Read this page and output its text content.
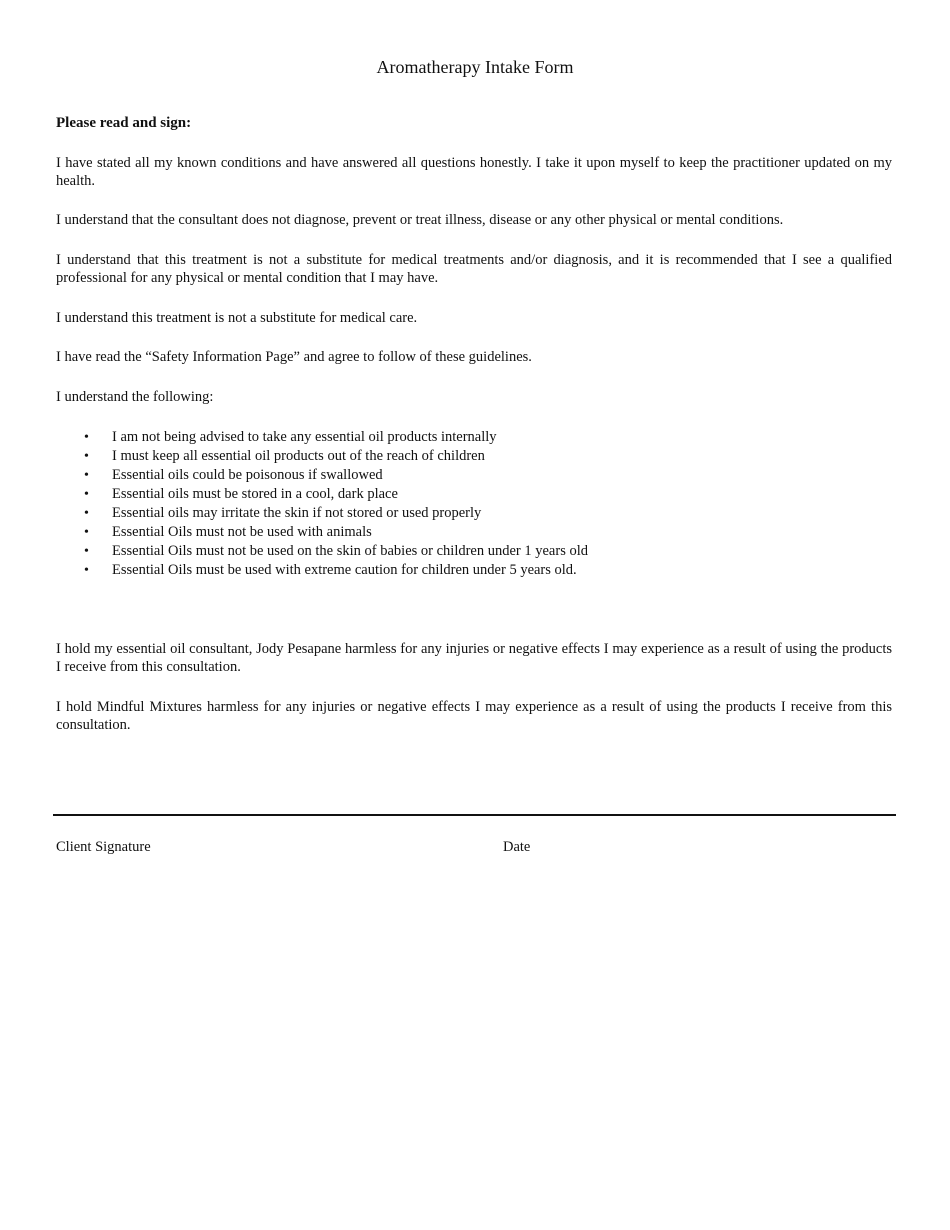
Aromatherapy Intake Form
Please read and sign:
I have stated all my known conditions and have answered all questions honestly. I take it upon myself to keep the practitioner updated on my health.
I understand that the consultant does not diagnose, prevent or treat illness, disease or any other physical or mental conditions.
I understand that this treatment is not a substitute for medical treatments and/or diagnosis, and it is recommended that I see a qualified professional for any physical or mental condition that I may have.
I understand this treatment is not a substitute for medical care.
I have read the “Safety Information Page” and agree to follow of these guidelines.
I understand the following:
• I am not being advised to take any essential oil products internally
• I must keep all essential oil products out of the reach of children
• Essential oils could be poisonous if swallowed
• Essential oils must be stored in a cool, dark place
• Essential oils may irritate the skin if not stored or used properly
• Essential Oils must not be used with animals
• Essential Oils must not be used on the skin of babies or children under 1 years old
• Essential Oils must be used with extreme caution for children under 5 years old.
I hold my essential oil consultant, Jody Pesapane harmless for any injuries or negative effects I may experience as a result of using the products I receive from this consultation.
I hold Mindful Mixtures harmless for any injuries or negative effects I may experience as a result of using the products I receive from this consultation.
Client Signature	Date
